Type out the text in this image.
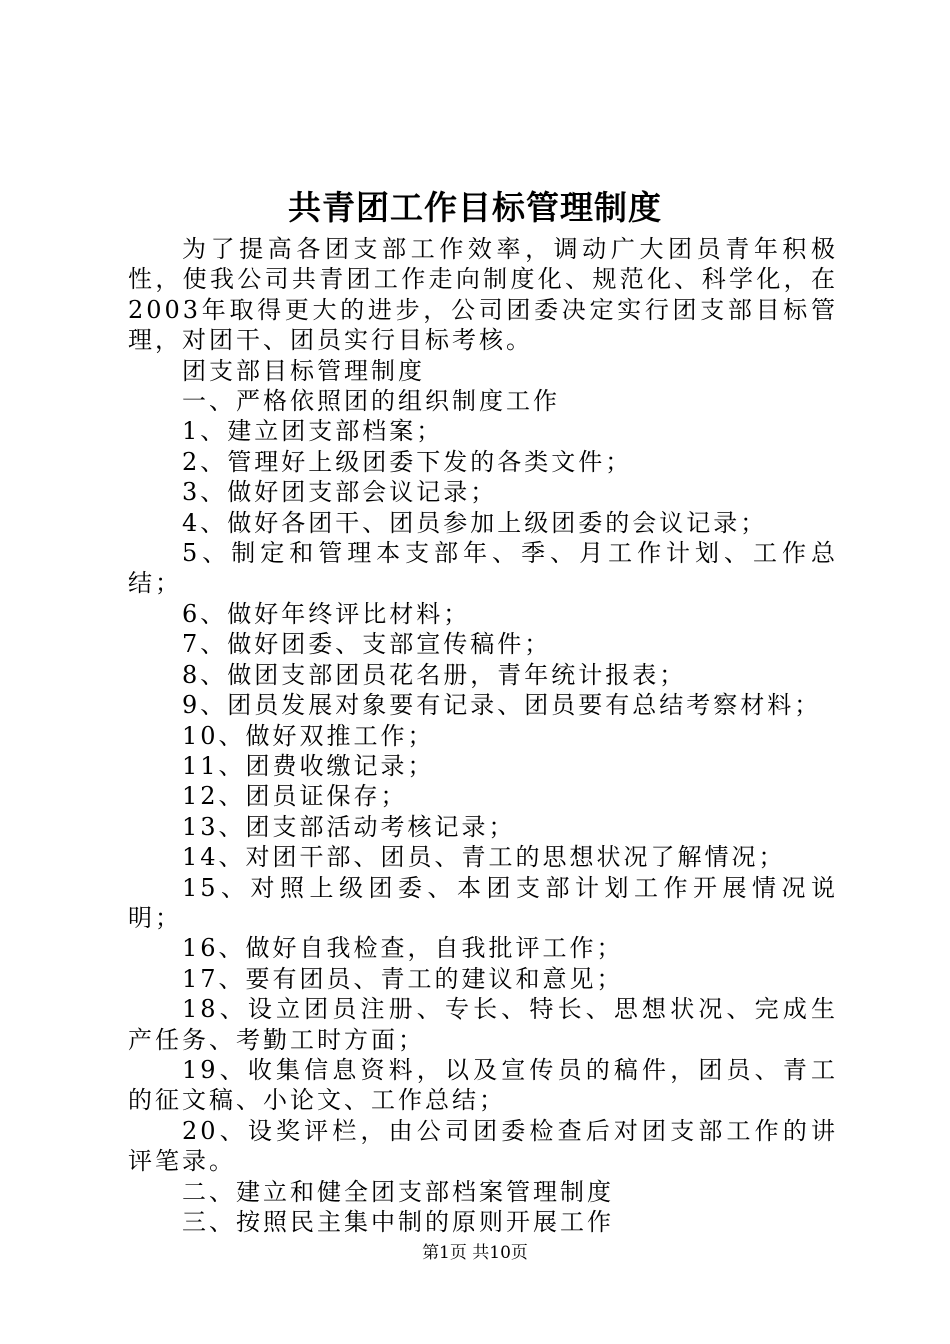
共青团工作目标管理制度

为了提高各团支部工作效率，调动广大团员青年积极性，使我公司共青团工作走向制度化、规范化、科学化，在2003年取得更大的进步，公司团委决定实行团支部目标管理，对团干、团员实行目标考核。

团支部目标管理制度

一、严格依照团的组织制度工作

1、建立团支部档案；

2、管理好上级团委下发的各类文件；

3、做好团支部会议记录；

4、做好各团干、团员参加上级团委的会议记录；

5、制定和管理本支部年、季、月工作计划、工作总结；

6、做好年终评比材料；

7、做好团委、支部宣传稿件；

8、做团支部团员花名册，青年统计报表；

9、团员发展对象要有记录、团员要有总结考察材料；

10、做好双推工作；

11、团费收缴记录；

12、团员证保存；

13、团支部活动考核记录；

14、对团干部、团员、青工的思想状况了解情况；

15、对照上级团委、本团支部计划工作开展情况说明；

16、做好自我检查，自我批评工作；

17、要有团员、青工的建议和意见；

18、设立团员注册、专长、特长、思想状况、完成生产任务、考勤工时方面；

19、收集信息资料，以及宣传员的稿件，团员、青工的征文稿、小论文、工作总结；

20、设奖评栏，由公司团委检查后对团支部工作的讲评笔录。

二、建立和健全团支部档案管理制度

三、按照民主集中制的原则开展工作

第1页 共10页
